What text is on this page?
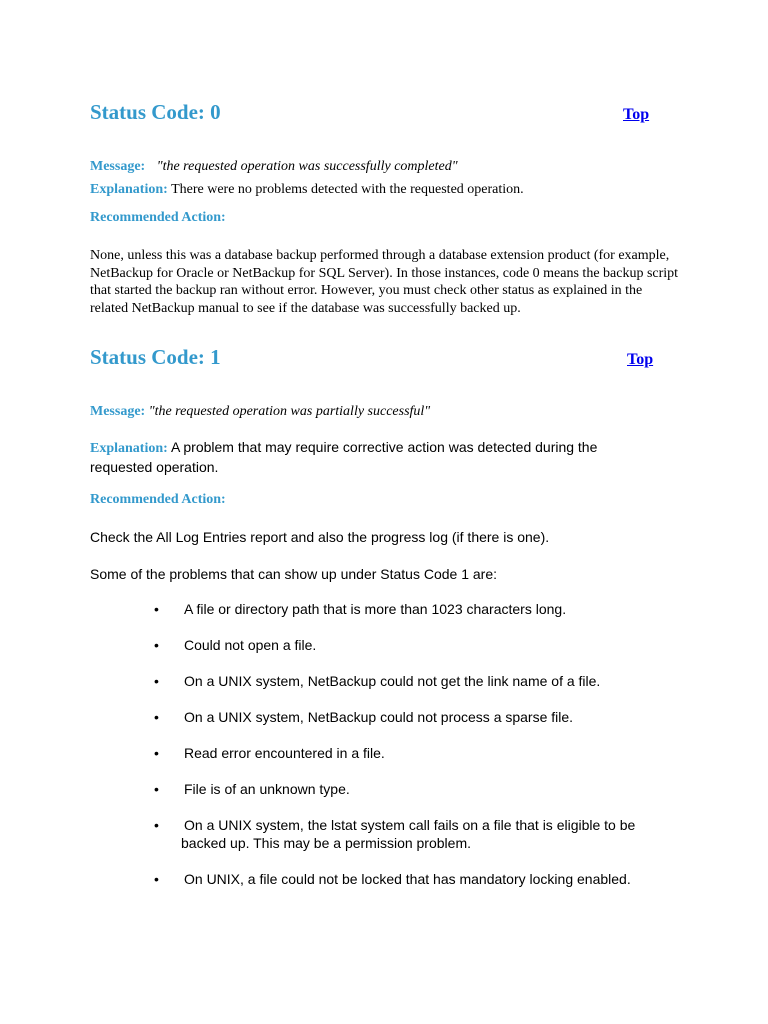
Status Code: 0	Top
Message: "the requested operation was successfully completed"
Explanation: There were no problems detected with the requested operation.
Recommended Action:
None, unless this was a database backup performed through a database extension product (for example, NetBackup for Oracle or NetBackup for SQL Server). In those instances, code 0 means the backup script that started the backup ran without error. However, you must check other status as explained in the related NetBackup manual to see if the database was successfully backed up.
Status Code: 1	Top
Message: "the requested operation was partially successful"
Explanation: A problem that may require corrective action was detected during the requested operation.
Recommended Action:
Check the All Log Entries report and also the progress log (if there is one).
Some of the problems that can show up under Status Code 1 are:
•	A file or directory path that is more than 1023 characters long.
•	Could not open a file.
•	On a UNIX system, NetBackup could not get the link name of a file.
•	On a UNIX system, NetBackup could not process a sparse file.
•	Read error encountered in a file.
•	File is of an unknown type.
•	On a UNIX system, the lstat system call fails on a file that is eligible to be backed up. This may be a permission problem.
•	On UNIX, a file could not be locked that has mandatory locking enabled.
